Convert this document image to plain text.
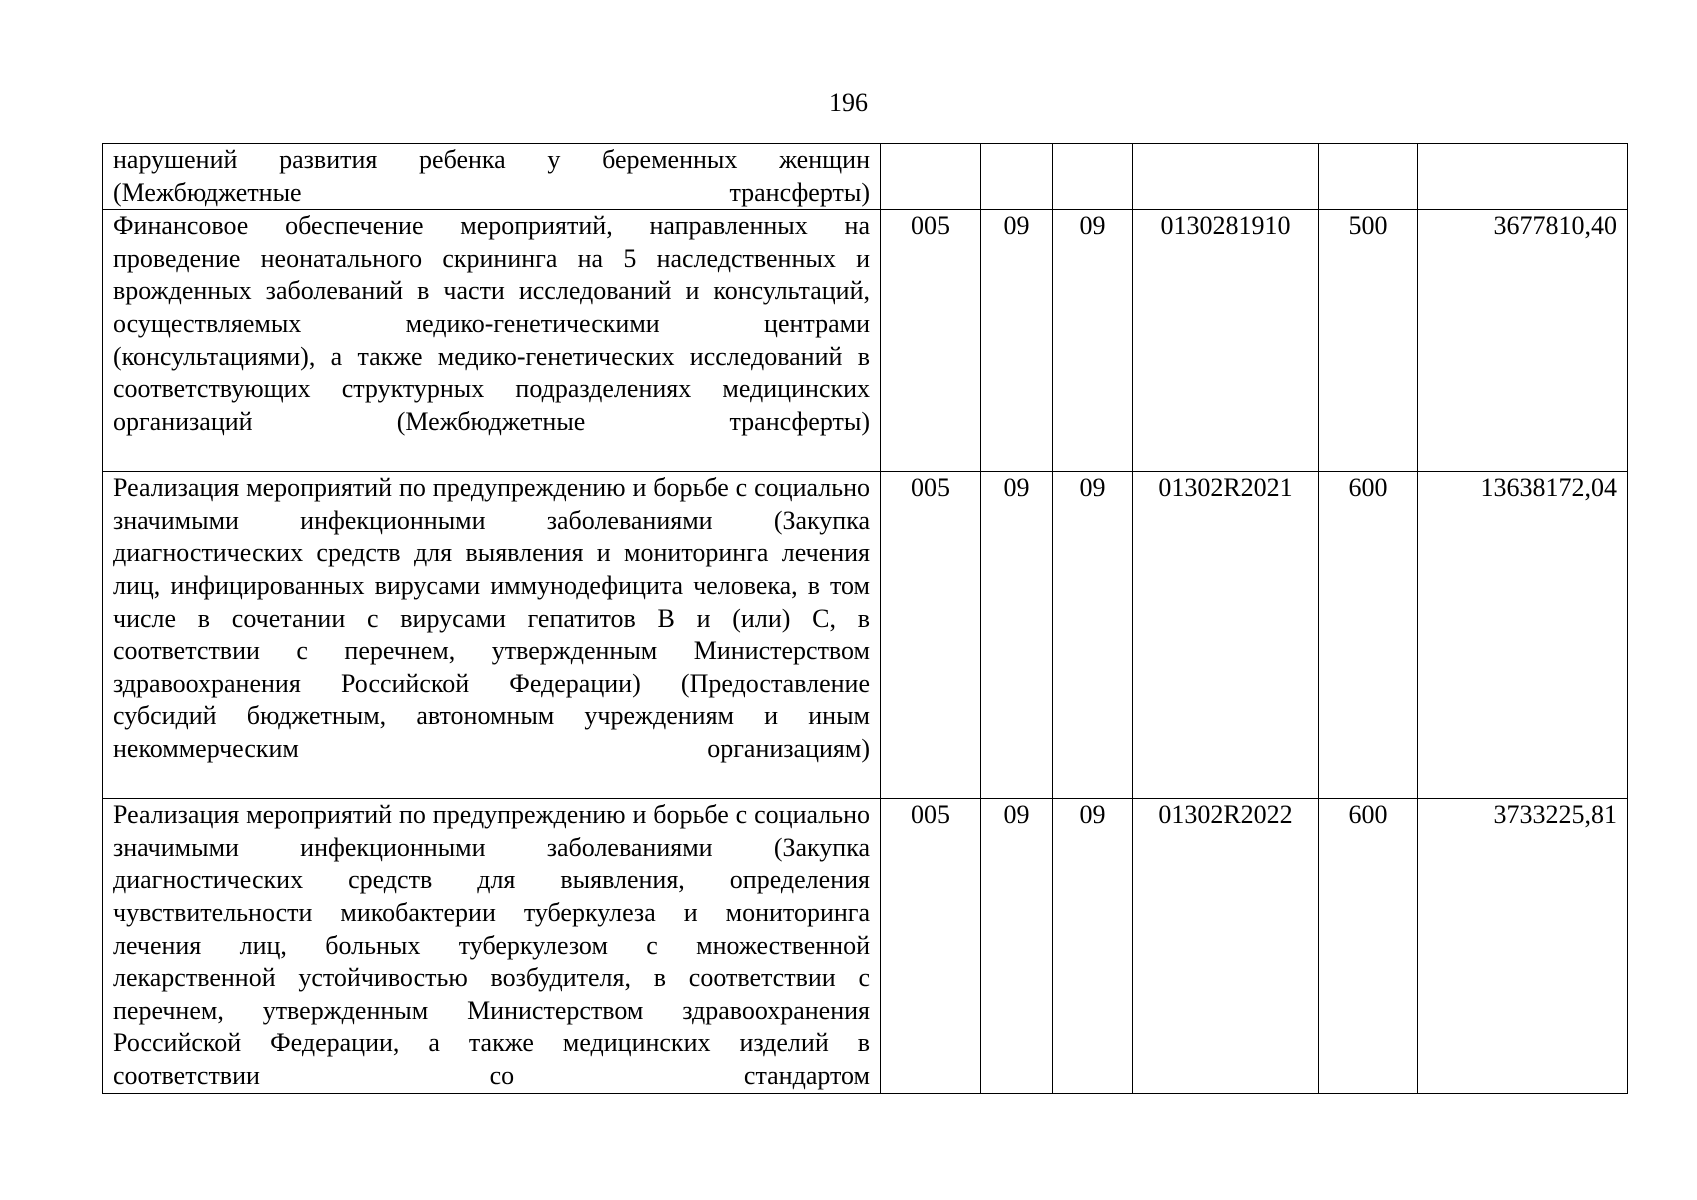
196
нарушений развития ребенка у беременных женщин (Межбюджетные трансферты)						
Финансовое обеспечение мероприятий, направленных на проведение неонатального скрининга на 5 наследственных и врожденных заболеваний в части исследований и консультаций, осуществляемых медико-генетическими центрами (консультациями), а также медико-генетических исследований в соответствующих структурных подразделениях медицинских организаций (Межбюджетные трансферты)	005	09	09	0130281910	500	3677810,40
Реализация мероприятий по предупреждению и борьбе с социально значимыми инфекционными заболеваниями (Закупка диагностических средств для выявления и мониторинга лечения лиц, инфицированных вирусами иммунодефицита человека, в том числе в сочетании с вирусами гепатитов B и (или) C, в соответствии с перечнем, утвержденным Министерством здравоохранения Российской Федерации) (Предоставление субсидий бюджетным, автономным учреждениям и иным некоммерческим организациям)	005	09	09	01302R2021	600	13638172,04
Реализация мероприятий по предупреждению и борьбе с социально значимыми инфекционными заболеваниями (Закупка диагностических средств для выявления, определения чувствительности микобактерии туберкулеза и мониторинга лечения лиц, больных туберкулезом с множественной лекарственной устойчивостью возбудителя, в соответствии с перечнем, утвержденным Министерством здравоохранения Российской Федерации, а также медицинских изделий в соответствии со стандартом	005	09	09	01302R2022	600	3733225,81
